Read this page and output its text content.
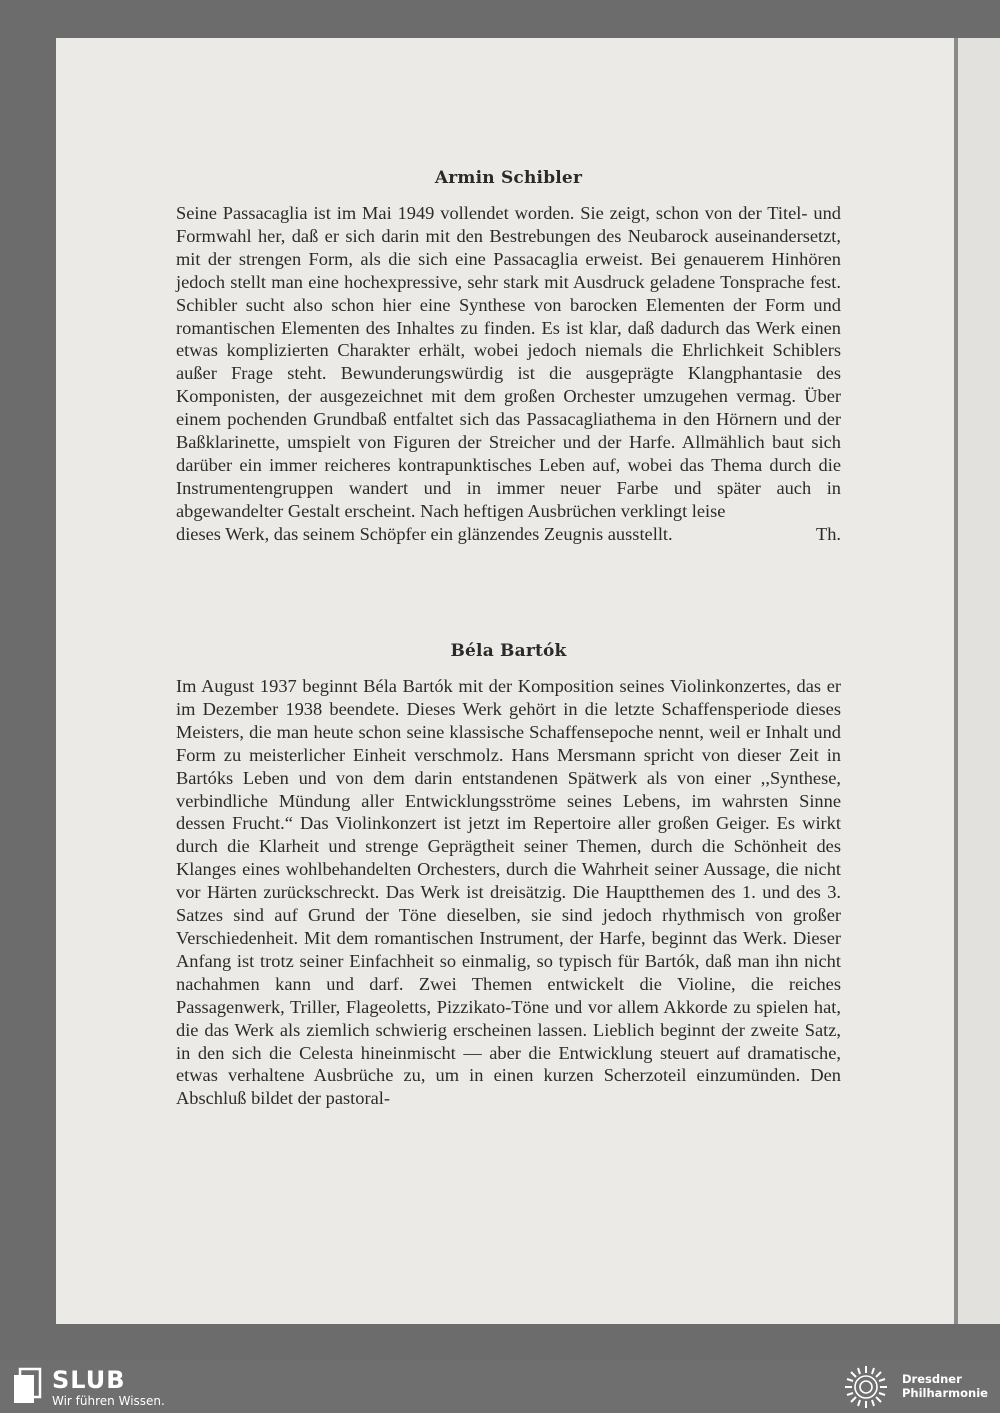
Armin Schibler

Seine Passacaglia ist im Mai 1949 vollendet worden. Sie zeigt, schon von der Titel- und Formwahl her, daß er sich darin mit den Bestrebungen des Neubarock auseinandersetzt, mit der strengen Form, als die sich eine Passacaglia erweist. Bei genauerem Hinhören jedoch stellt man eine hochexpressive, sehr stark mit Ausdruck geladene Tonsprache fest. Schibler sucht also schon hier eine Synthese von barocken Elementen der Form und romantischen Elementen des Inhaltes zu finden. Es ist klar, daß dadurch das Werk einen etwas komplizierten Charakter erhält, wobei jedoch niemals die Ehrlichkeit Schiblers außer Frage steht. Bewunderungswürdig ist die ausgeprägte Klangphantasie des Komponisten, der ausgezeichnet mit dem großen Orchester umzugehen vermag. Über einem pochenden Grundbaß entfaltet sich das Passacagliathema in den Hörnern und der Baßklarinette, umspielt von Figuren der Streicher und der Harfe. Allmählich baut sich darüber ein immer reicheres kontrapunktisches Leben auf, wobei das Thema durch die Instrumentengruppen wandert und in immer neuer Farbe und später auch in abgewandelter Gestalt erscheint. Nach heftigen Ausbrüchen verklingt leise

dieses Werk, das seinem Schöpfer ein glänzendes Zeugnis ausstellt.	Th.

Béla Bartók

Im August 1937 beginnt Béla Bartók mit der Komposition seines Violinkonzertes, das er im Dezember 1938 beendete. Dieses Werk gehört in die letzte Schaffensperiode dieses Meisters, die man heute schon seine klassische Schaffensepoche nennt, weil er Inhalt und Form zu meisterlicher Einheit verschmolz. Hans Mersmann spricht von dieser Zeit in Bartóks Leben und von dem darin entstandenen Spätwerk als von einer ,,Synthese, verbindliche Mündung aller Entwicklungsströme seines Lebens, im wahrsten Sinne dessen Frucht.“ Das Violinkonzert ist jetzt im Repertoire aller großen Geiger. Es wirkt durch die Klarheit und strenge Geprägtheit seiner Themen, durch die Schönheit des Klanges eines wohlbehandelten Orchesters, durch die Wahrheit seiner Aussage, die nicht vor Härten zurückschreckt. Das Werk ist dreisätzig. Die Hauptthemen des 1. und des 3. Satzes sind auf Grund der Töne dieselben, sie sind jedoch rhythmisch von großer Verschiedenheit. Mit dem romantischen Instrument, der Harfe, beginnt das Werk. Dieser Anfang ist trotz seiner Einfachheit so einmalig, so typisch für Bartók, daß man ihn nicht nachahmen kann und darf. Zwei Themen entwickelt die Violine, die reiches Passagenwerk, Triller, Flageoletts, Pizzikato-Töne und vor allem Akkorde zu spielen hat, die das Werk als ziemlich schwierig erscheinen lassen. Lieblich beginnt der zweite Satz, in den sich die Celesta hineinmischt — aber die Entwicklung steuert auf dramatische, etwas verhaltene Ausbrüche zu, um in einen kurzen Scherzoteil einzumünden. Den Abschluß bildet der pastoral-

SLUB
Wir führen Wissen.
Dresdner
Philharmonie
